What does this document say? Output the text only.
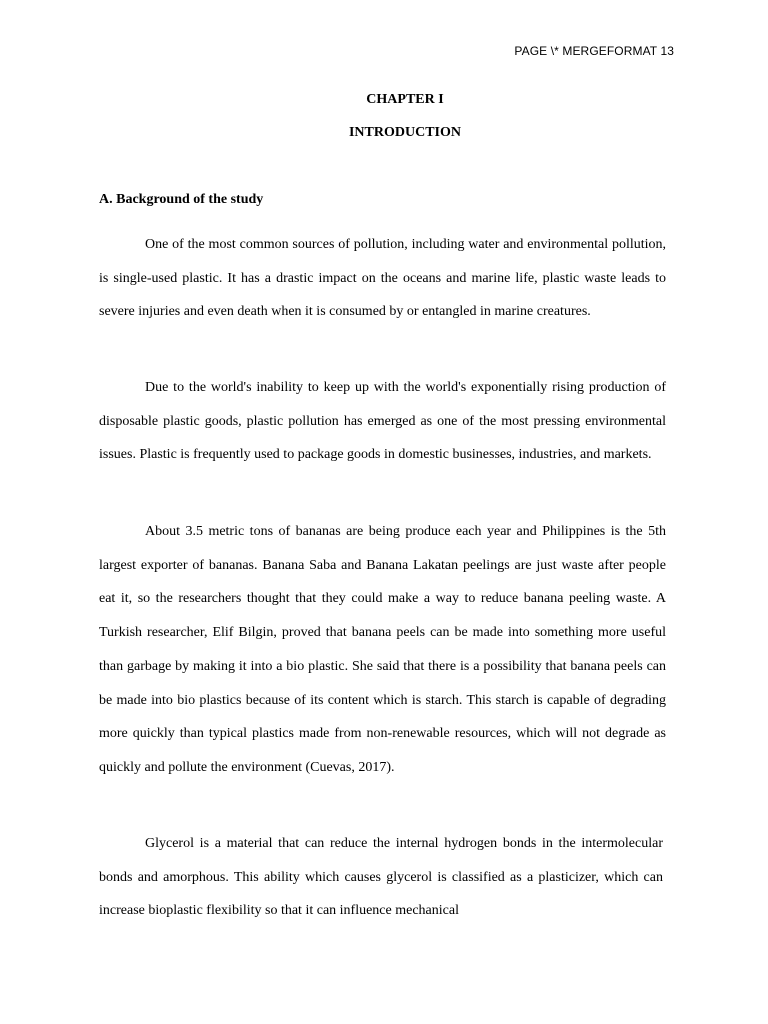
PAGE \* MERGEFORMAT 13
CHAPTER I
INTRODUCTION
A. Background of the study

One of the most common sources of pollution, including water and environmental pollution, is single-used plastic. It has a drastic impact on the oceans and marine life, plastic waste leads to severe injuries and even death when it is consumed by or entangled in marine creatures.

Due to the world's inability to keep up with the world's exponentially rising production of disposable plastic goods, plastic pollution has emerged as one of the most pressing environmental issues. Plastic is frequently used to package goods in domestic businesses, industries, and markets.

About 3.5 metric tons of bananas are being produce each year and Philippines is the 5th largest exporter of bananas. Banana Saba and Banana Lakatan peelings are just waste after people eat it, so the researchers thought that they could make a way to reduce banana peeling waste. A Turkish researcher, Elif Bilgin, proved that banana peels can be made into something more useful than garbage by making it into a bio plastic. She said that there is a possibility that banana peels can be made into bio plastics because of its content which is starch. This starch is capable of degrading more quickly than typical plastics made from non-renewable resources, which will not degrade as quickly and pollute the environment (Cuevas, 2017).

Glycerol is a material that can reduce the internal hydrogen bonds in the intermolecular bonds and amorphous. This ability which causes glycerol is classified as a plasticizer, which can increase bioplastic flexibility so that it can influence mechanical
